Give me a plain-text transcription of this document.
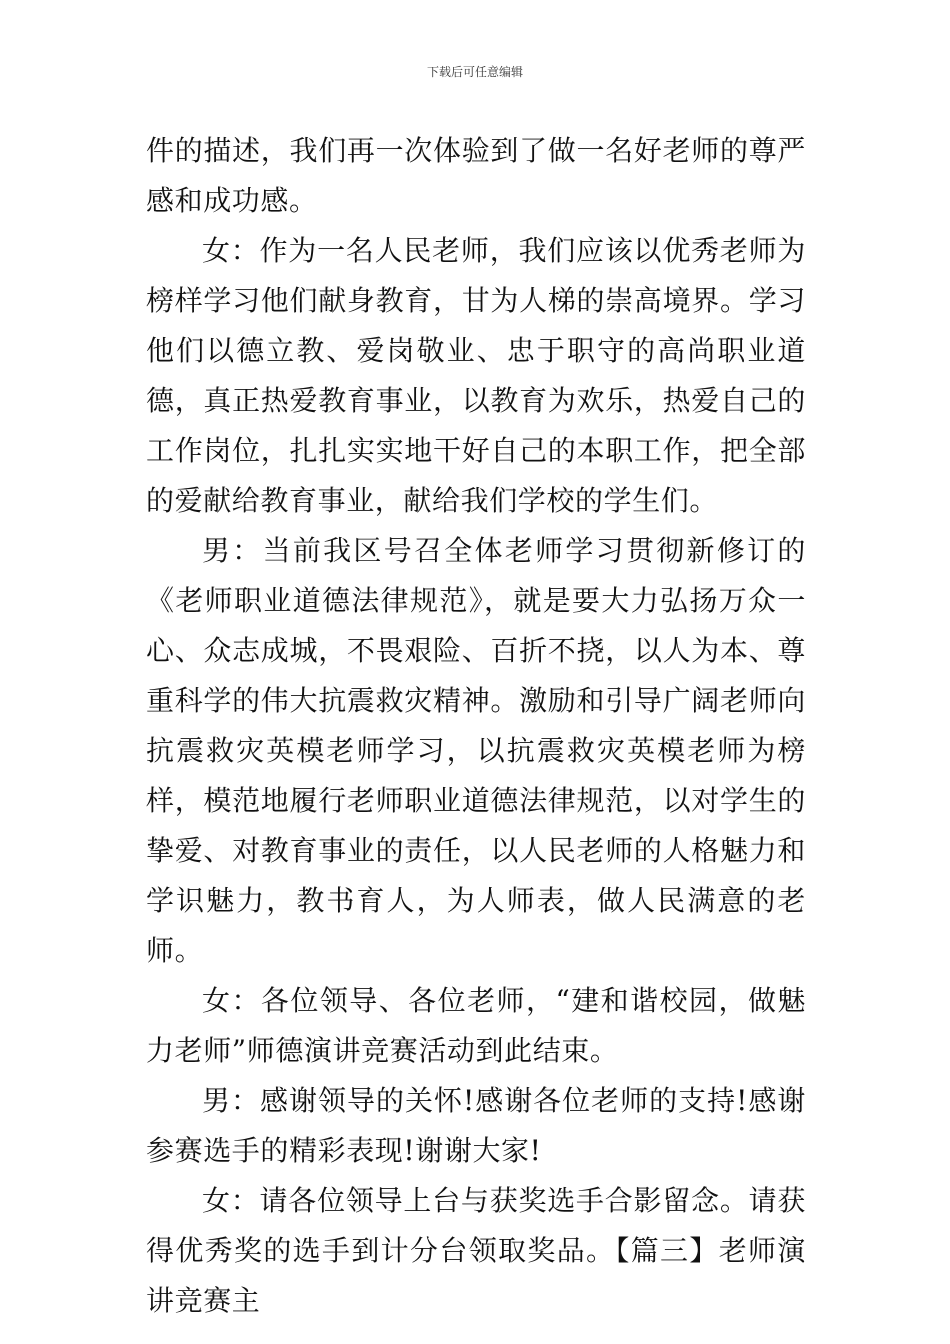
下载后可任意编辑

件的描述，我们再一次体验到了做一名好老师的尊严感和成功感。

女：作为一名人民老师，我们应该以优秀老师为榜样学习他们献身教育，甘为人梯的崇高境界。学习他们以德立教、爱岗敬业、忠于职守的高尚职业道德，真正热爱教育事业，以教育为欢乐，热爱自己的工作岗位，扎扎实实地干好自己的本职工作，把全部的爱献给教育事业，献给我们学校的学生们。

男：当前我区号召全体老师学习贯彻新修订的《老师职业道德法律规范》，就是要大力弘扬万众一心、众志成城，不畏艰险、百折不挠，以人为本、尊重科学的伟大抗震救灾精神。激励和引导广阔老师向抗震救灾英模老师学习，以抗震救灾英模老师为榜样，模范地履行老师职业道德法律规范，以对学生的挚爱、对教育事业的责任，以人民老师的人格魅力和学识魅力，教书育人，为人师表，做人民满意的老师。

女：各位领导、各位老师，“建和谐校园，做魅力老师”师德演讲竞赛活动到此结束。

男：感谢领导的关怀!感谢各位老师的支持!感谢参赛选手的精彩表现!谢谢大家!

女：请各位领导上台与获奖选手合影留念。请获得优秀奖的选手到计分台领取奖品。【篇三】老师演讲竞赛主
